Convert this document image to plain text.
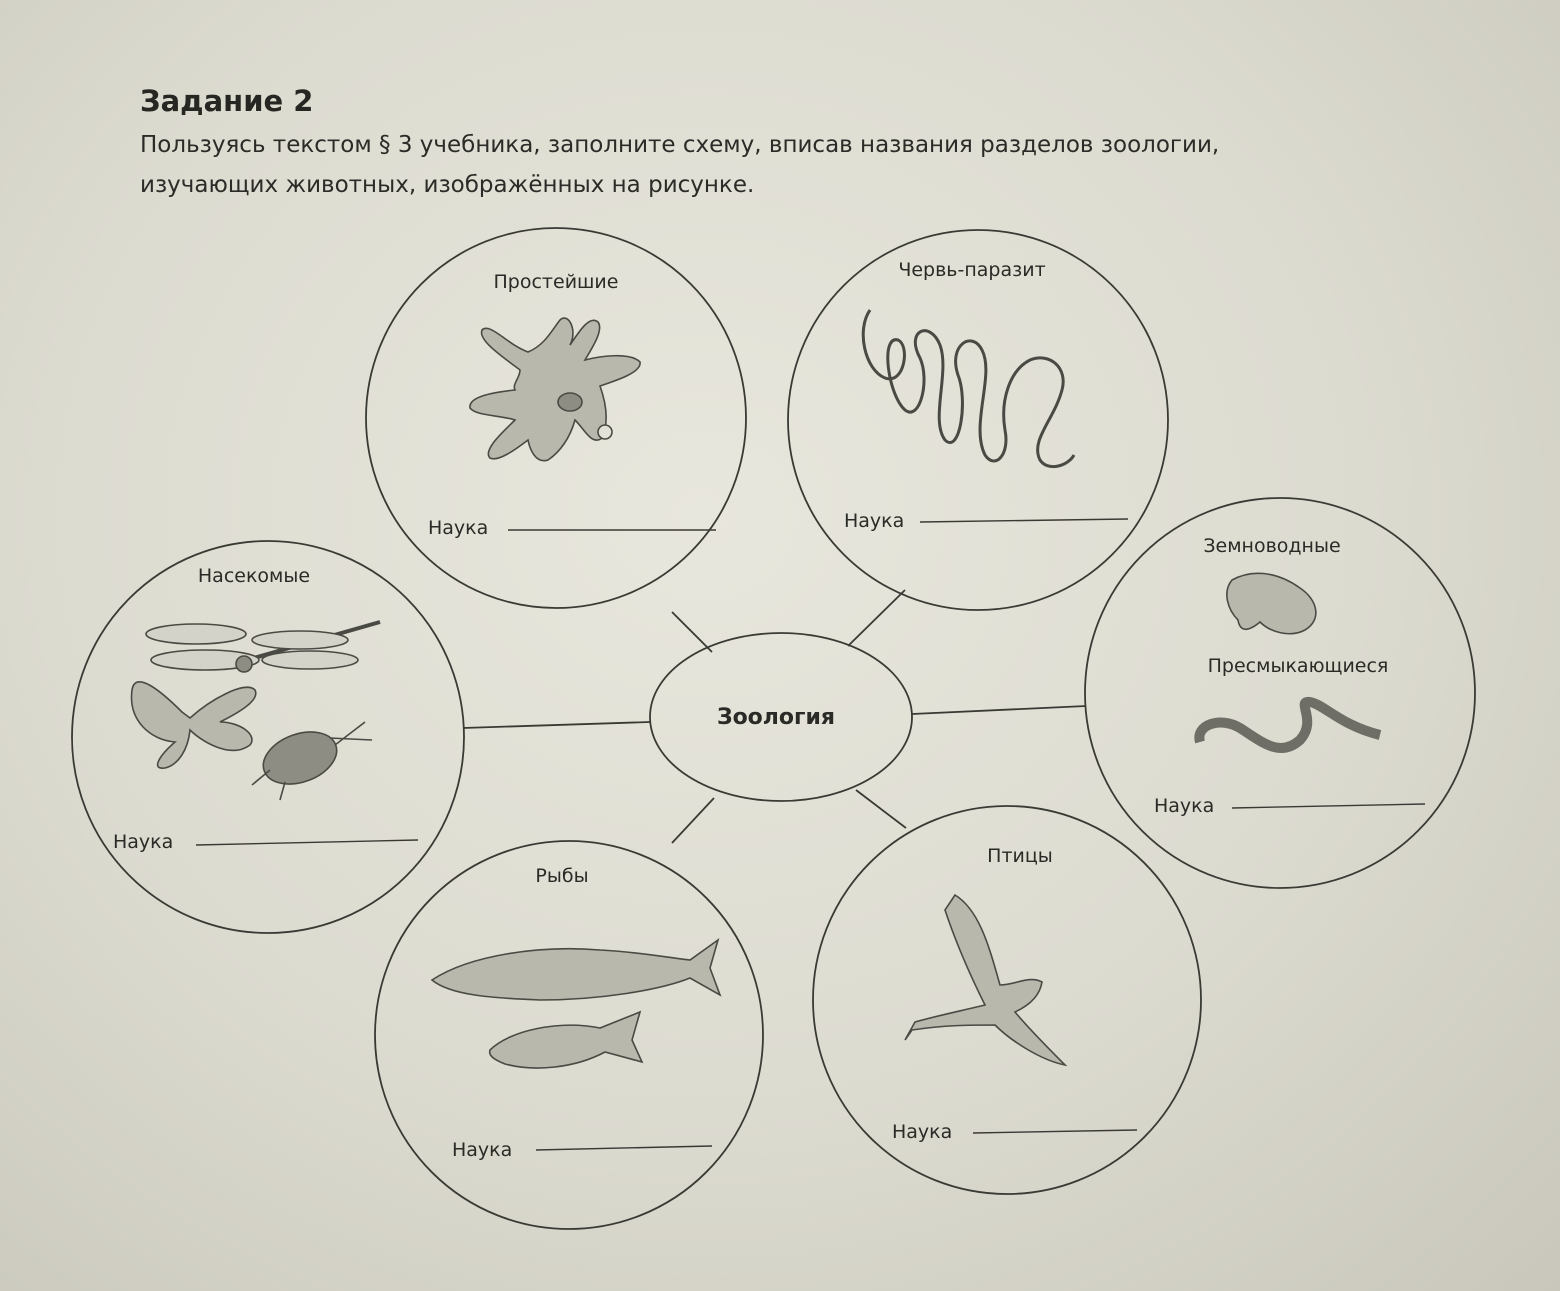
Задание 2
Пользуясь текстом § 3 учебника, заполните схему, вписав названия разделов зоологии,
изучающих животных, изображённых на рисунке.
Зоология
Простейшие
Червь-паразит
Насекомые
Земноводные
Пресмыкающиеся
Рыбы
Птицы
Наука	Наука
Наука
Наука
Наука
Наука
